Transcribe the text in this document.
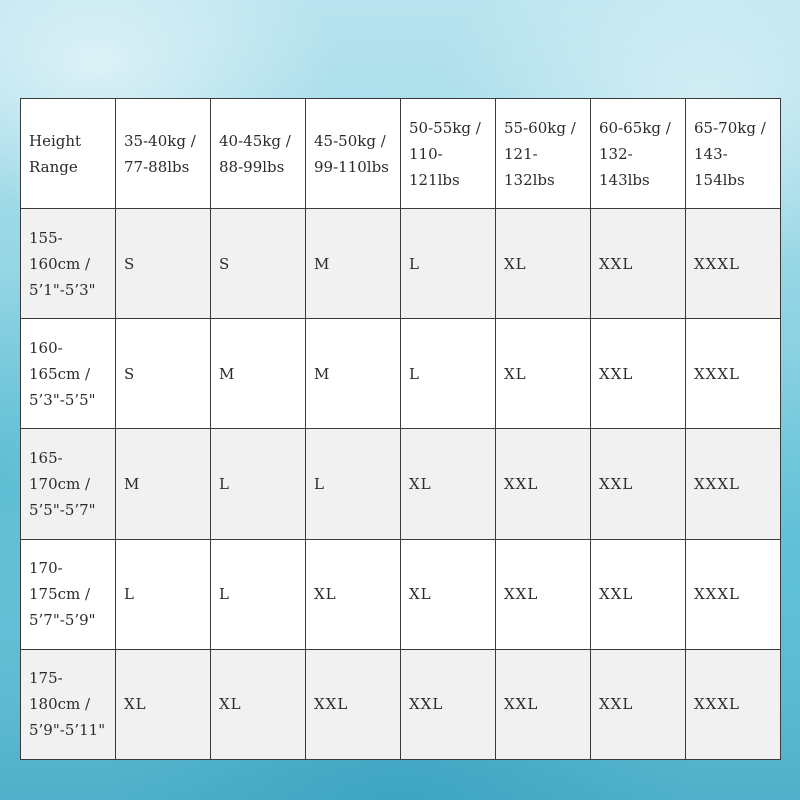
Height Range	35-40kg / 77-88lbs	40-45kg / 88-99lbs	45-50kg / 99-110lbs	50-55kg / 110-121lbs	55-60kg / 121-132lbs	60-65kg / 132-143lbs	65-70kg / 143-154lbs
155-160cm / 5’1"-5’3"	S	S	M	L	XL	XXL	XXXL
160-165cm / 5’3"-5’5"	S	M	M	L	XL	XXL	XXXL
165-170cm / 5’5"-5’7"	M	L	L	XL	XXL	XXL	XXXL
170-175cm / 5’7"-5’9"	L	L	XL	XL	XXL	XXL	XXXL
175-180cm / 5’9"-5’11"	XL	XL	XXL	XXL	XXL	XXL	XXXL
